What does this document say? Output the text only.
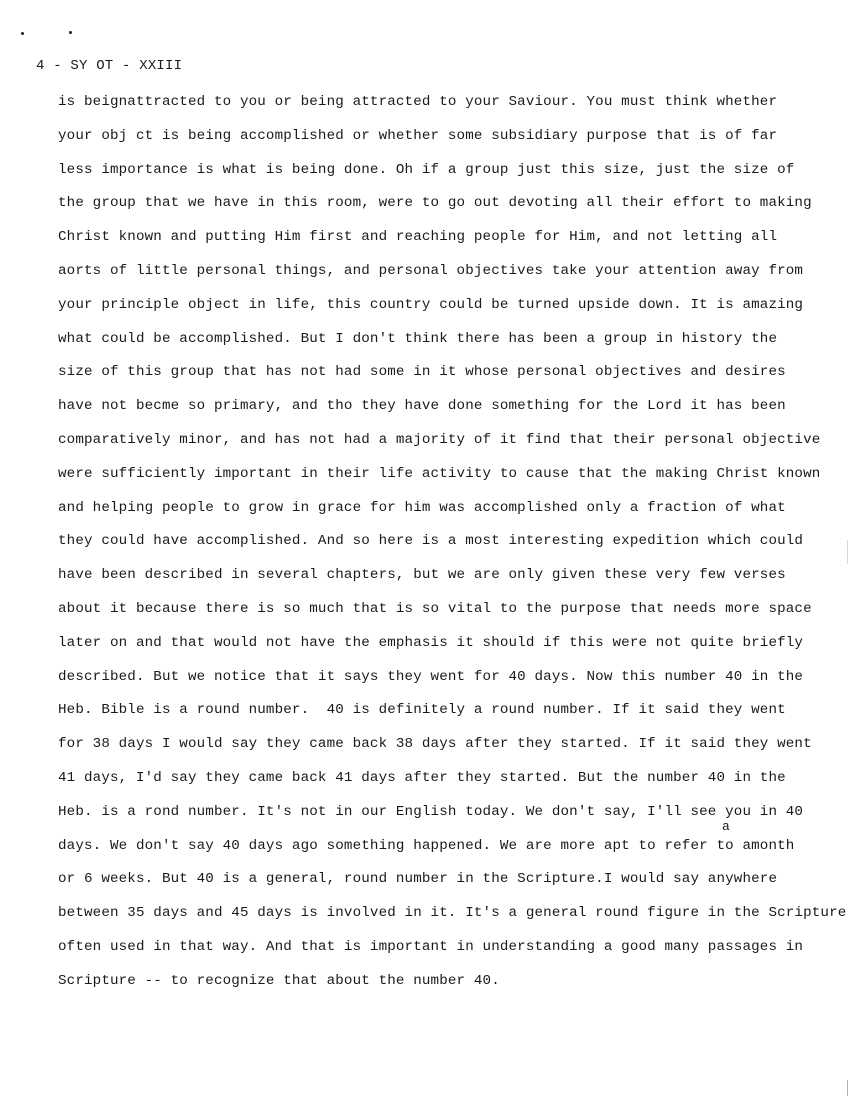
4 - SY OT - XXIII
is beignattracted to you or being attracted to your Saviour. You must think whether
your obj ct is being accomplished or whether some subsidiary purpose that is of far
less importance is what is being done. Oh if a group just this size, just the size of
the group that we have in this room, were to go out devoting all their effort to making
Christ known and putting Him first and reaching people for Him, and not letting all
aorts of little personal things, and personal objectives take your attention away from
your principle object in life, this country could be turned upside down. It is amazing
what could be accomplished. But I don't think there has been a group in history the
size of this group that has not had some in it whose personal objectives and desires
have not becme so primary, and tho they have done something for the Lord it has been
comparatively minor, and has not had a majority of it find that their personal objective
were sufficiently important in their life activity to cause that the making Christ known
and helping people to grow in grace for him was accomplished only a fraction of what
they could have accomplished. And so here is a most interesting expedition which could
have been described in several chapters, but we are only given these very few verses
about it because there is so much that is so vital to the purpose that needs more space
later on and that would not have the emphasis it should if this were not quite briefly
described. But we notice that it says they went for 40 days. Now this number 40 in the
Heb. Bible is a round number.  40 is definitely a round number. If it said they went
for 38 days I would say they came back 38 days after they started. If it said they went
41 days, I'd say they came back 41 days after they started. But the number 40 in the
Heb. is a rond number. It's not in our English today. We don't say, I'll see you in 40
days. We don't say 40 days ago something happened. We are more apt to refer to amonth
or 6 weeks. But 40 is a general, round number in the Scripture.I would say anywhere
between 35 days and 45 days is involved in it. It's a general round figure in the Scripture
often used in that way. And that is important in understanding a good many passages in
Scripture -- to recognize that about the number 40.
a
